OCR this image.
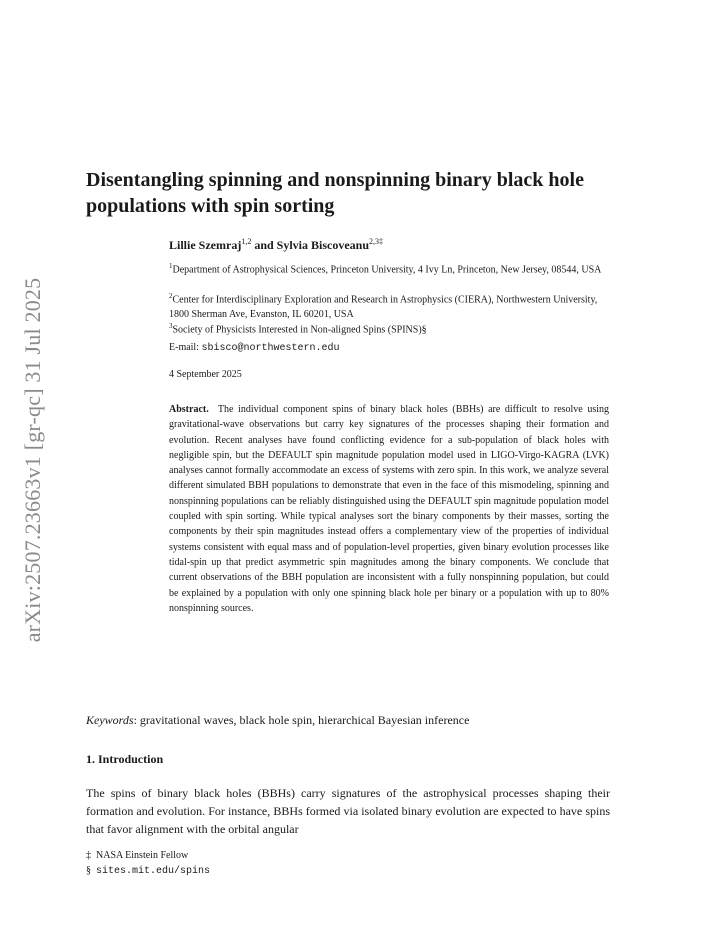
arXiv:2507.23663v1 [gr-qc] 31 Jul 2025
Disentangling spinning and nonspinning binary black hole populations with spin sorting
Lillie Szemraj$^{1,2}$ and Sylvia Biscoveanu$^{2,3\ddagger}$
$^1$Department of Astrophysical Sciences, Princeton University, 4 Ivy Ln, Princeton, New Jersey, 08544, USA
$^2$Center for Interdisciplinary Exploration and Research in Astrophysics (CIERA), Northwestern University, 1800 Sherman Ave, Evanston, IL 60201, USA
$^3$Society of Physicists Interested in Non-aligned Spins (SPINS)§
E-mail: sbisco@northwestern.edu
4 September 2025

Abstract. The individual component spins of binary black holes (BBHs) are difficult to resolve using gravitational-wave observations but carry key signatures of the processes shaping their formation and evolution. Recent analyses have found conflicting evidence for a sub-population of black holes with negligible spin, but the DEFAULT spin magnitude population model used in LIGO-Virgo-KAGRA (LVK) analyses cannot formally accommodate an excess of systems with zero spin. In this work, we analyze several different simulated BBH populations to demonstrate that even in the face of this mismodeling, spinning and nonspinning populations can be reliably distinguished using the DEFAULT spin magnitude population model coupled with spin sorting. While typical analyses sort the binary components by their masses, sorting the components by their spin magnitudes instead offers a complementary view of the properties of individual systems consistent with equal mass and of population-level properties, given binary evolution processes like tidal-spin up that predict asymmetric spin magnitudes among the binary components. We conclude that current observations of the BBH population are inconsistent with a fully nonspinning population, but could be explained by a population with only one spinning black hole per binary or a population with up to 80% nonspinning sources.

Keywords: gravitational waves, black hole spin, hierarchical Bayesian inference
1. Introduction

The spins of binary black holes (BBHs) carry signatures of the astrophysical processes shaping their formation and evolution. For instance, BBHs formed via isolated binary evolution are expected to have spins that favor alignment with the orbital angular

‡ NASA Einstein Fellow
§ sites.mit.edu/spins
